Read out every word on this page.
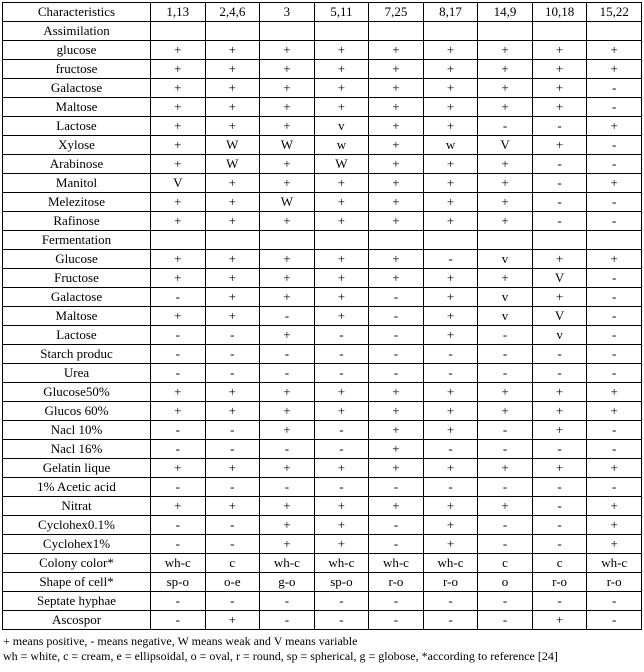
Characteristics	1,13	2,4,6	3	5,11	7,25	8,17	14,9	10,18	15,22
Assimilation									
glucose	+	+	+	+	+	+	+	+	+
fructose	+	+	+	+	+	+	+	+	+
Galactose	+	+	+	+	+	+	+	+	-
Maltose	+	+	+	+	+	+	+	+	-
Lactose	+	+	+	v	+	+	-	-	+
Xylose	+	W	W	w	+	w	V	+	-
Arabinose	+	W	+	W	+	+	+	-	-
Manitol	V	+	+	+	+	+	+	-	+
Melezitose	+	+	W	+	+	+	+	-	-
Rafinose	+	+	+	+	+	+	+	-	-
Fermentation									
Glucose	+	+	+	+	+	-	v	+	+
Fructose	+	+	+	+	+	+	+	V	-
Galactose	-	+	+	+	-	+	v	+	-
Maltose	+	+	-	+	-	+	v	V	-
Lactose	-	-	+	-	-	+	-	v	-
Starch produc	-	-	-	-	-	-	-	-	-
Urea	-	-	-	-	-	-	-	-	-
Glucose50%	+	+	+	+	+	+	+	+	+
Glucos 60%	+	+	+	+	+	+	+	+	+
Nacl 10%	-	-	+	-	+	+	-	+	-
Nacl 16%	-	-	-	-	+	-	-	-	-
Gelatin lique	+	+	+	+	+	+	+	+	+
1% Acetic acid	-	-	-	-	-	-	-	-	-
Nitrat	+	+	+	+	+	+	+	-	+
Cyclohex0.1%	-	-	+	+	-	+	-	-	+
Cyclohex1%	-	-	+	+	-	+	-	-	+
Colony color*	wh-c	c	wh-c	wh-c	wh-c	wh-c	c	c	wh-c
Shape of cell*	sp-o	o-e	g-o	sp-o	r-o	r-o	o	r-o	r-o
Septate hyphae	-	-	-	-	-	-	-	-	-
Ascospor	-	+	-	-	-	-	-	+	-

+ means positive, - means negative, W means weak and V means variable

wh = white, c = cream, e = ellipsoidal, o = oval, r = round, sp = spherical, g = globose, *according to reference [24]
